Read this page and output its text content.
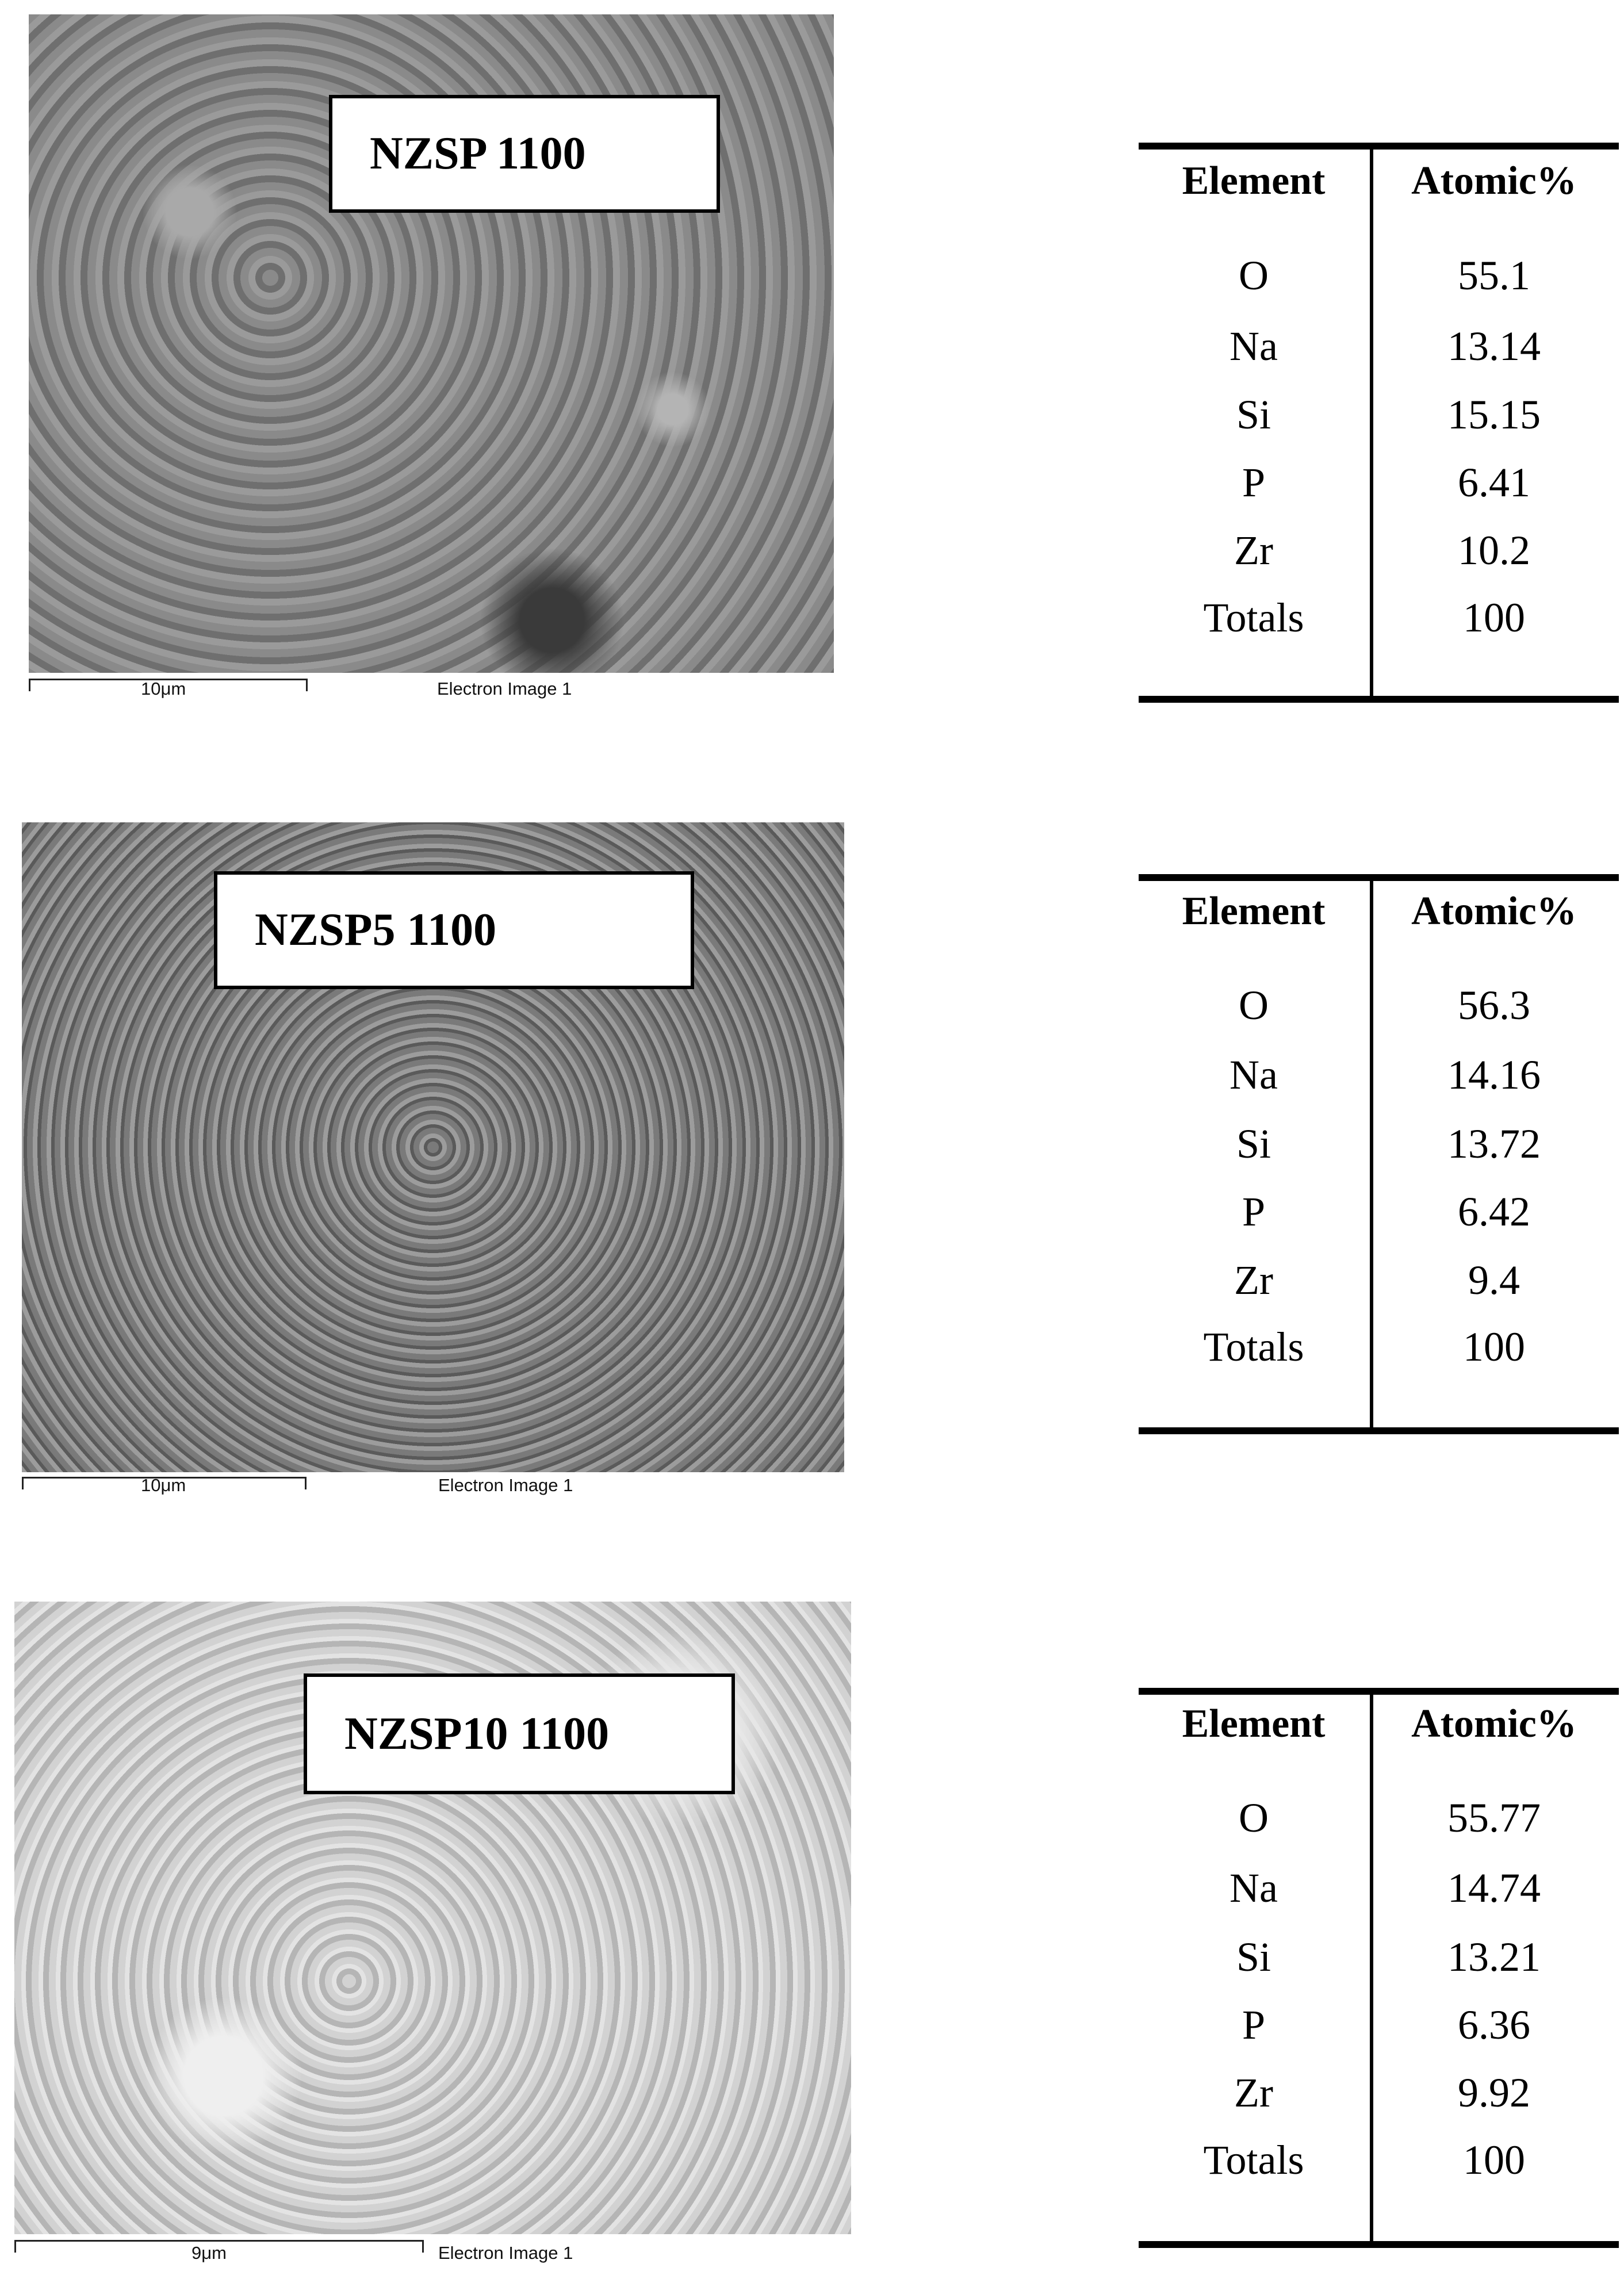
NZSP 1100
10μm	Electron Image 1
Element	Atomic%
O	55.1
Na	13.14
Si	15.15
P	6.41
Zr	10.2
Totals	100
NZSP5 1100
10μm	Electron Image 1
Element	Atomic%
O	56.3
Na	14.16
Si	13.72
P	6.42
Zr	9.4
Totals	100
NZSP10 1100
9μm	Electron Image 1
Element	Atomic%
O	55.77
Na	14.74
Si	13.21
P	6.36
Zr	9.92
Totals	100
